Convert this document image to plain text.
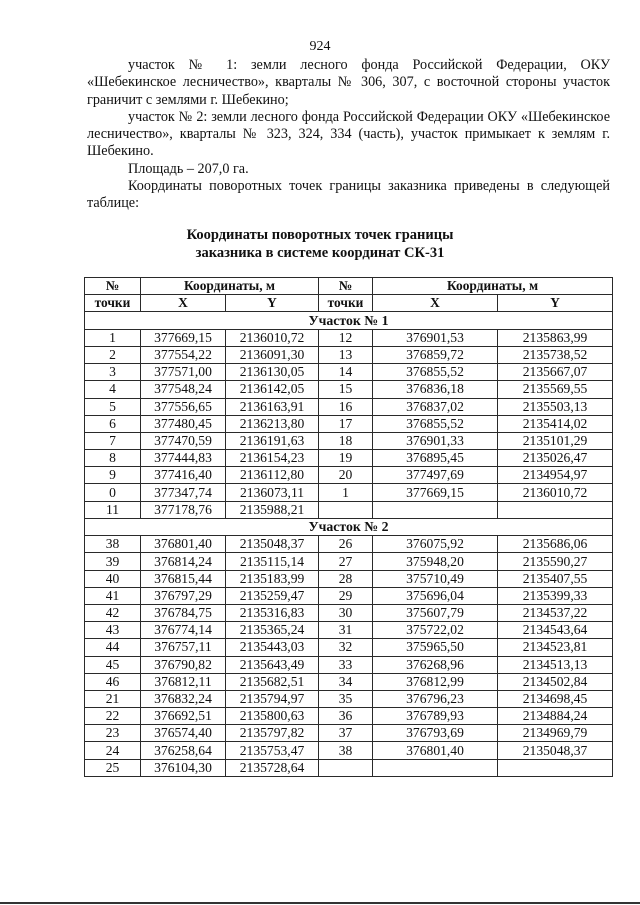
924

участок № 1: земли лесного фонда Российской Федерации, ОКУ «Шебекинское лесничество», кварталы № 306, 307, с восточной стороны участок граничит с землями г. Шебекино;

участок № 2: земли лесного фонда Российской Федерации ОКУ «Шебекинское лесничество», кварталы № 323, 324, 334 (часть), участок примыкает к землям г. Шебекино.

Площадь – 207,0 га.

Координаты поворотных точек границы заказника приведены в следующей таблице:

Координаты поворотных точек границы
заказника в системе координат СК-31
№	Координаты, м		№	Координаты, м	
точки	X	Y	точки	X	Y
Участок № 1					
1	377669,15	2136010,72	12	376901,53	2135863,99
2	377554,22	2136091,30	13	376859,72	2135738,52
3	377571,00	2136130,05	14	376855,52	2135667,07
4	377548,24	2136142,05	15	376836,18	2135569,55
5	377556,65	2136163,91	16	376837,02	2135503,13
6	377480,45	2136213,80	17	376855,52	2135414,02
7	377470,59	2136191,63	18	376901,33	2135101,29
8	377444,83	2136154,23	19	376895,45	2135026,47
9	377416,40	2136112,80	20	377497,69	2134954,97
0	377347,74	2136073,11	1	377669,15	2136010,72
11	377178,76	2135988,21			
Участок № 2					
38	376801,40	2135048,37	26	376075,92	2135686,06
39	376814,24	2135115,14	27	375948,20	2135590,27
40	376815,44	2135183,99	28	375710,49	2135407,55
41	376797,29	2135259,47	29	375696,04	2135399,33
42	376784,75	2135316,83	30	375607,79	2134537,22
43	376774,14	2135365,24	31	375722,02	2134543,64
44	376757,11	2135443,03	32	375965,50	2134523,81
45	376790,82	2135643,49	33	376268,96	2134513,13
46	376812,11	2135682,51	34	376812,99	2134502,84
21	376832,24	2135794,97	35	376796,23	2134698,45
22	376692,51	2135800,63	36	376789,93	2134884,24
23	376574,40	2135797,82	37	376793,69	2134969,79
24	376258,64	2135753,47	38	376801,40	2135048,37
25	376104,30	2135728,64			
